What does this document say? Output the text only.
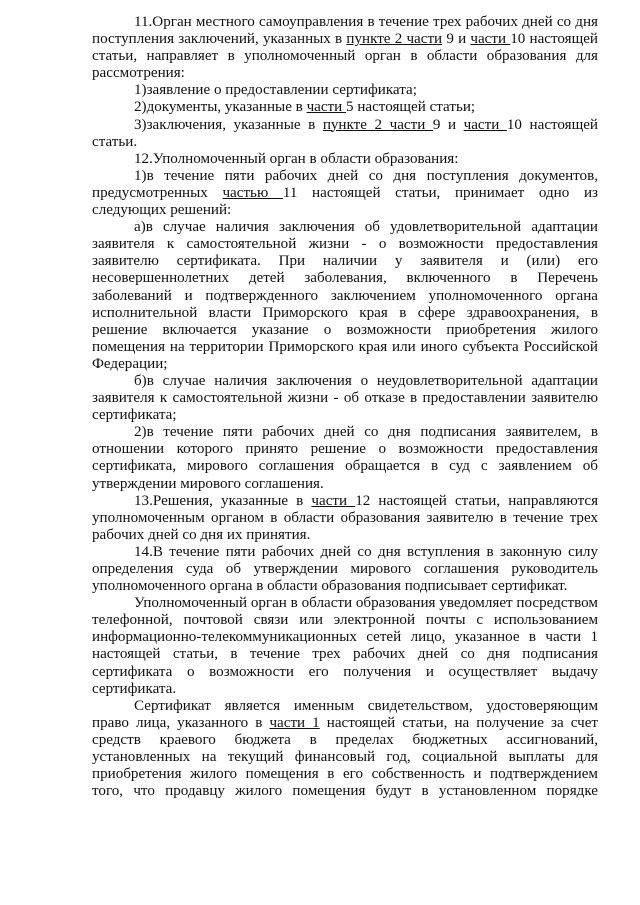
11.Орган местного самоуправления в течение трех рабочих дней со дня поступления заключений, указанных в пункте 2 части 9 и части 10 настоящей статьи, направляет в уполномоченный орган в области образования для рассмотрения:

1)заявление о предоставлении сертификата;

2)документы, указанные в части 5 настоящей статьи;

3)заключения, указанные в пункте 2 части 9 и части 10 настоящей статьи.

12.Уполномоченный орган в области образования:

1)в течение пяти рабочих дней со дня поступления документов, предусмотренных частью 11 настоящей статьи, принимает одно из следующих решений:

а)в случае наличия заключения об удовлетворительной адаптации заявителя к самостоятельной жизни - о возможности предоставления заявителю сертификата. При наличии у заявителя и (или) его несовершеннолетних детей заболевания, включенного в Перечень заболеваний и подтвержденного заключением уполномоченного органа исполнительной власти Приморского края в сфере здравоохранения, в решение включается указание о возможности приобретения жилого помещения на территории Приморского края или иного субъекта Российской Федерации;

б)в случае наличия заключения о неудовлетворительной адаптации заявителя к самостоятельной жизни - об отказе в предоставлении заявителю сертификата;

2)в течение пяти рабочих дней со дня подписания заявителем, в отношении которого принято решение о возможности предоставления сертификата, мирового соглашения обращается в суд с заявлением об утверждении мирового соглашения.

13.Решения, указанные в части 12 настоящей статьи, направляются уполномоченным органом в области образования заявителю в течение трех рабочих дней со дня их принятия.

14.В течение пяти рабочих дней со дня вступления в законную силу определения суда об утверждении мирового соглашения руководитель уполномоченного органа в области образования подписывает сертификат.

Уполномоченный орган в области образования уведомляет посредством телефонной, почтовой связи или электронной почты с использованием информационно-телекоммуникационных сетей лицо, указанное в части 1 настоящей статьи, в течение трех рабочих дней со дня подписания сертификата о возможности его получения и осуществляет выдачу сертификата.

Сертификат является именным свидетельством, удостоверяющим право лица, указанного в части 1 настоящей статьи, на получение за счет средств краевого бюджета в пределах бюджетных ассигнований, установленных на текущий финансовый год, социальной выплаты для приобретения жилого помещения в его собственность и подтверждением того, что продавцу жилого помещения будут в установленном порядке
